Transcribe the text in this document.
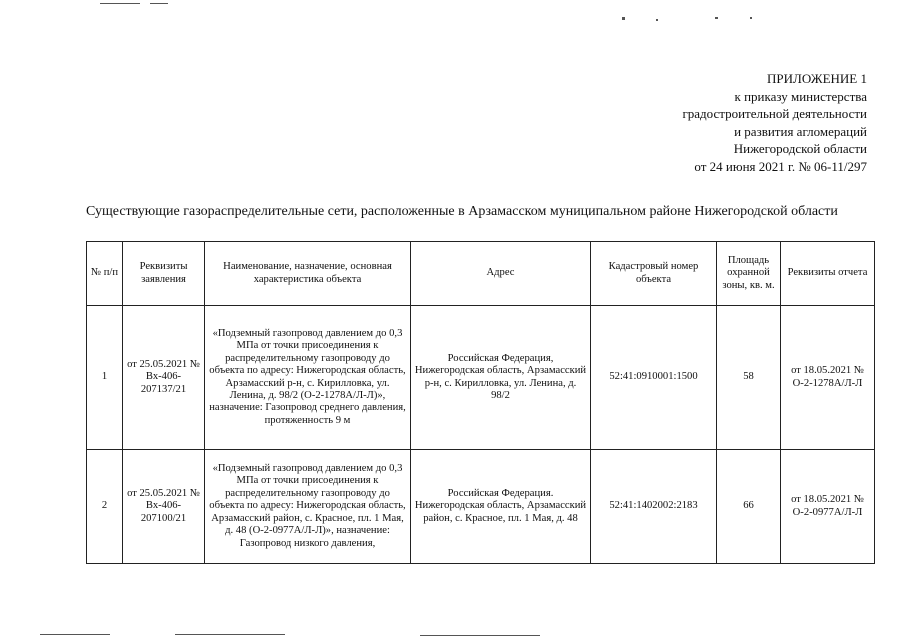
ПРИЛОЖЕНИЕ 1
к приказу министерства
градостроительной деятельности
и развития агломераций
Нижегородской области
от 24 июня 2021 г. № 06-11/297
Существующие газораспределительные сети, расположенные в Арзамасском муниципальном районе Нижегородской области
№ п/п	Реквизиты заявления	Наименование, назначение, основная характеристика объекта	Адрес	Кадастровый номер объекта	Площадь охранной зоны, кв. м.	Реквизиты отчета
1	от 25.05.2021 № Вх-406-207137/21	«Подземный газопровод давлением до 0,3 МПа от точки присоединения к распределительному газопроводу до объекта по адресу: Нижегородская область, Арзамасский р-н, с. Кирилловка, ул. Ленина, д. 98/2 (О-2-1278А/Л-Л)», назначение: Газопровод среднего давления, протяженность 9 м	Российская Федерация, Нижегородская область, Арзамасский р-н, с. Кирилловка, ул. Ленина, д. 98/2	52:41:0910001:1500	58	от 18.05.2021 № О-2-1278А/Л-Л
2	от 25.05.2021 № Вх-406-207100/21	«Подземный газопровод давлением до 0,3 МПа от точки присоединения к распределительному газопроводу до объекта по адресу: Нижегородская область, Арзамасский район, с. Красное, пл. 1 Мая, д. 48 (О-2-0977А/Л-Л)», назначение: Газопровод низкого давления,	Российская Федерация. Нижегородская область, Арзамасский район, с. Красное, пл. 1 Мая, д. 48	52:41:1402002:2183	66	от 18.05.2021 № О-2-0977А/Л-Л
